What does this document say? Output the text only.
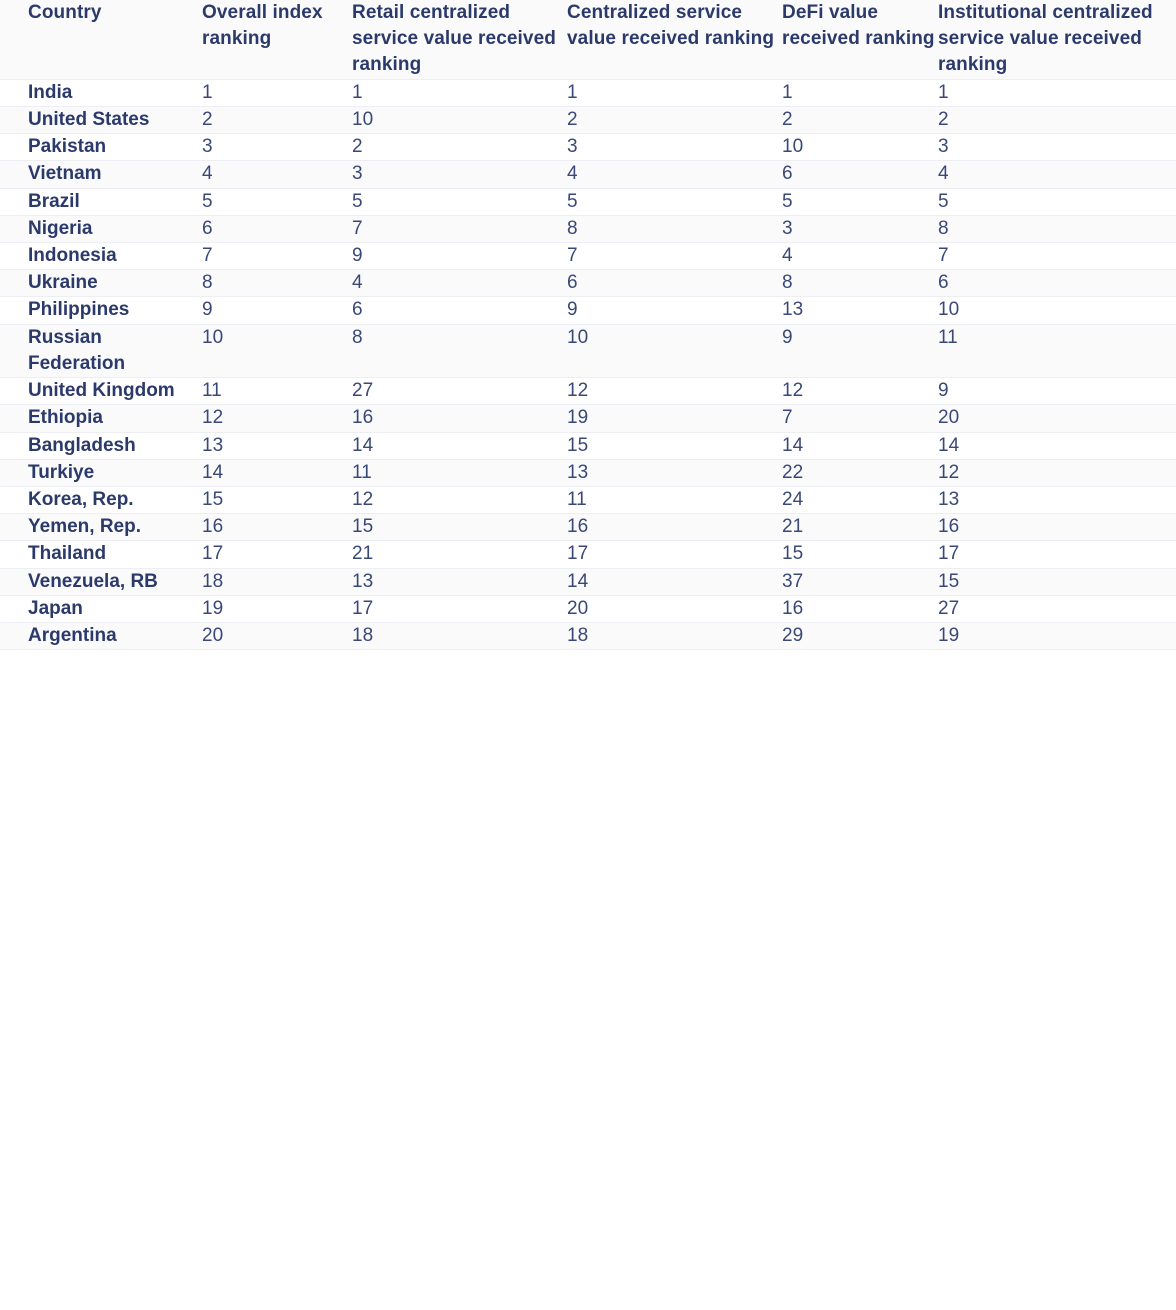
Country	Overall index ranking	Retail centralized service value received ranking	Centralized service value received ranking	DeFi value received ranking	Institutional centralized service value received ranking
India	1	1	1	1	1
United States	2	10	2	2	2
Pakistan	3	2	3	10	3
Vietnam	4	3	4	6	4
Brazil	5	5	5	5	5
Nigeria	6	7	8	3	8
Indonesia	7	9	7	4	7
Ukraine	8	4	6	8	6
Philippines	9	6	9	13	10
Russian Federation	10	8	10	9	11
United Kingdom	11	27	12	12	9
Ethiopia	12	16	19	7	20
Bangladesh	13	14	15	14	14
Turkiye	14	11	13	22	12
Korea, Rep.	15	12	11	24	13
Yemen, Rep.	16	15	16	21	16
Thailand	17	21	17	15	17
Venezuela, RB	18	13	14	37	15
Japan	19	17	20	16	27
Argentina	20	18	18	29	19
